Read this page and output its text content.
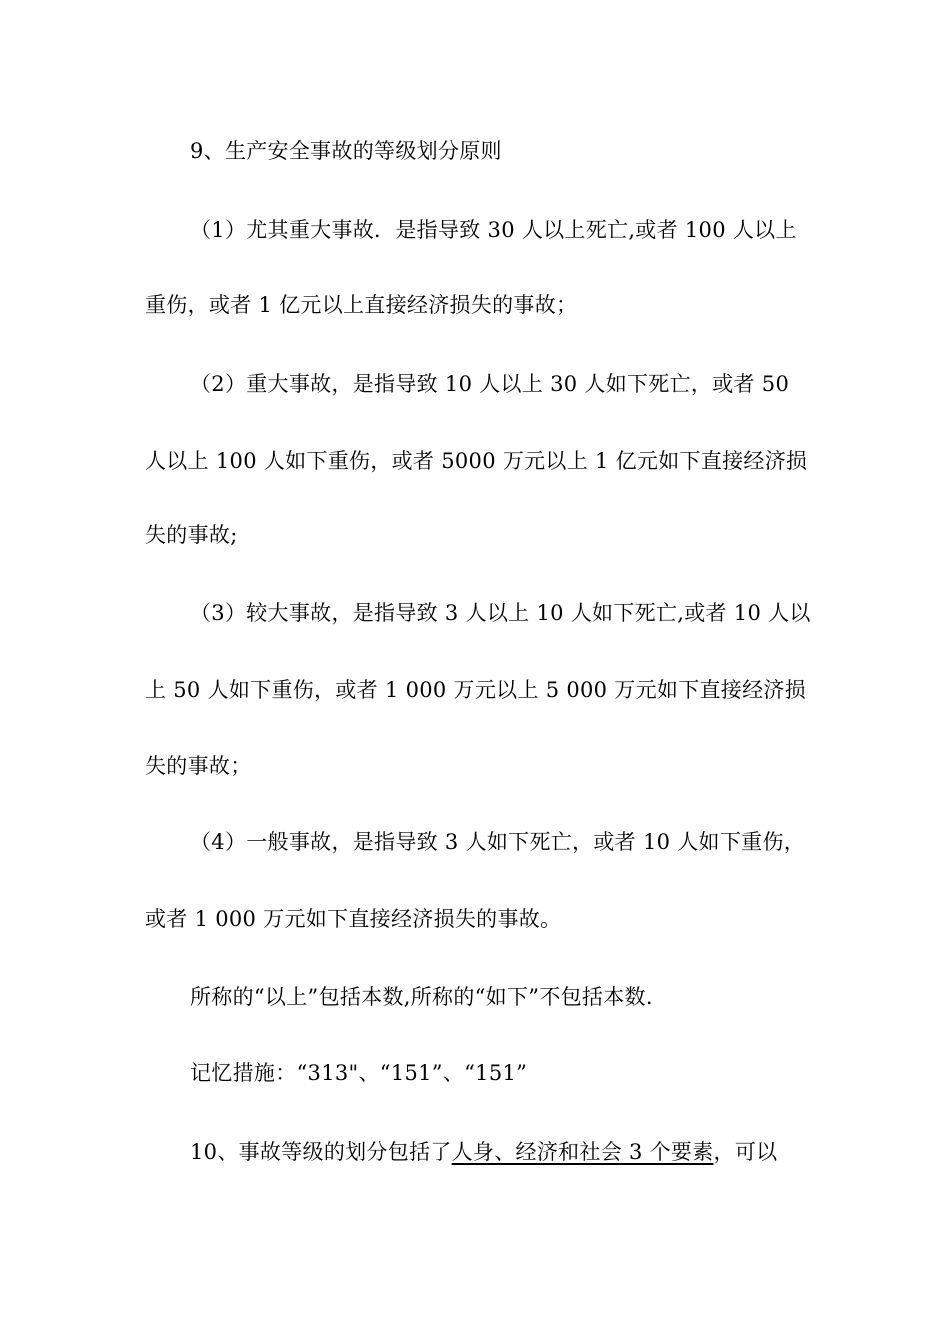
9、生产安全事故的等级划分原则
（1）尤其重大事故．是指导致 30 人以上死亡,或者 100 人以上
重伤，或者 1 亿元以上直接经济损失的事故；
（2）重大事故，是指导致 10 人以上 30 人如下死亡，或者 50
人以上 100 人如下重伤，或者 5000 万元以上 1 亿元如下直接经济损
失的事故;
（3）较大事故，是指导致 3 人以上 10 人如下死亡,或者 10 人以
上 50 人如下重伤，或者 1 000 万元以上 5 000 万元如下直接经济损
失的事故；
（4）一般事故，是指导致 3 人如下死亡，或者 10 人如下重伤，
或者 1 000 万元如下直接经济损失的事故。
所称的“以上”包括本数,所称的“如下”不包括本数.
记忆措施：“313"、“151”、“151”
10、事故等级的划分包括了人身、经济和社会 3 个要素，可以
